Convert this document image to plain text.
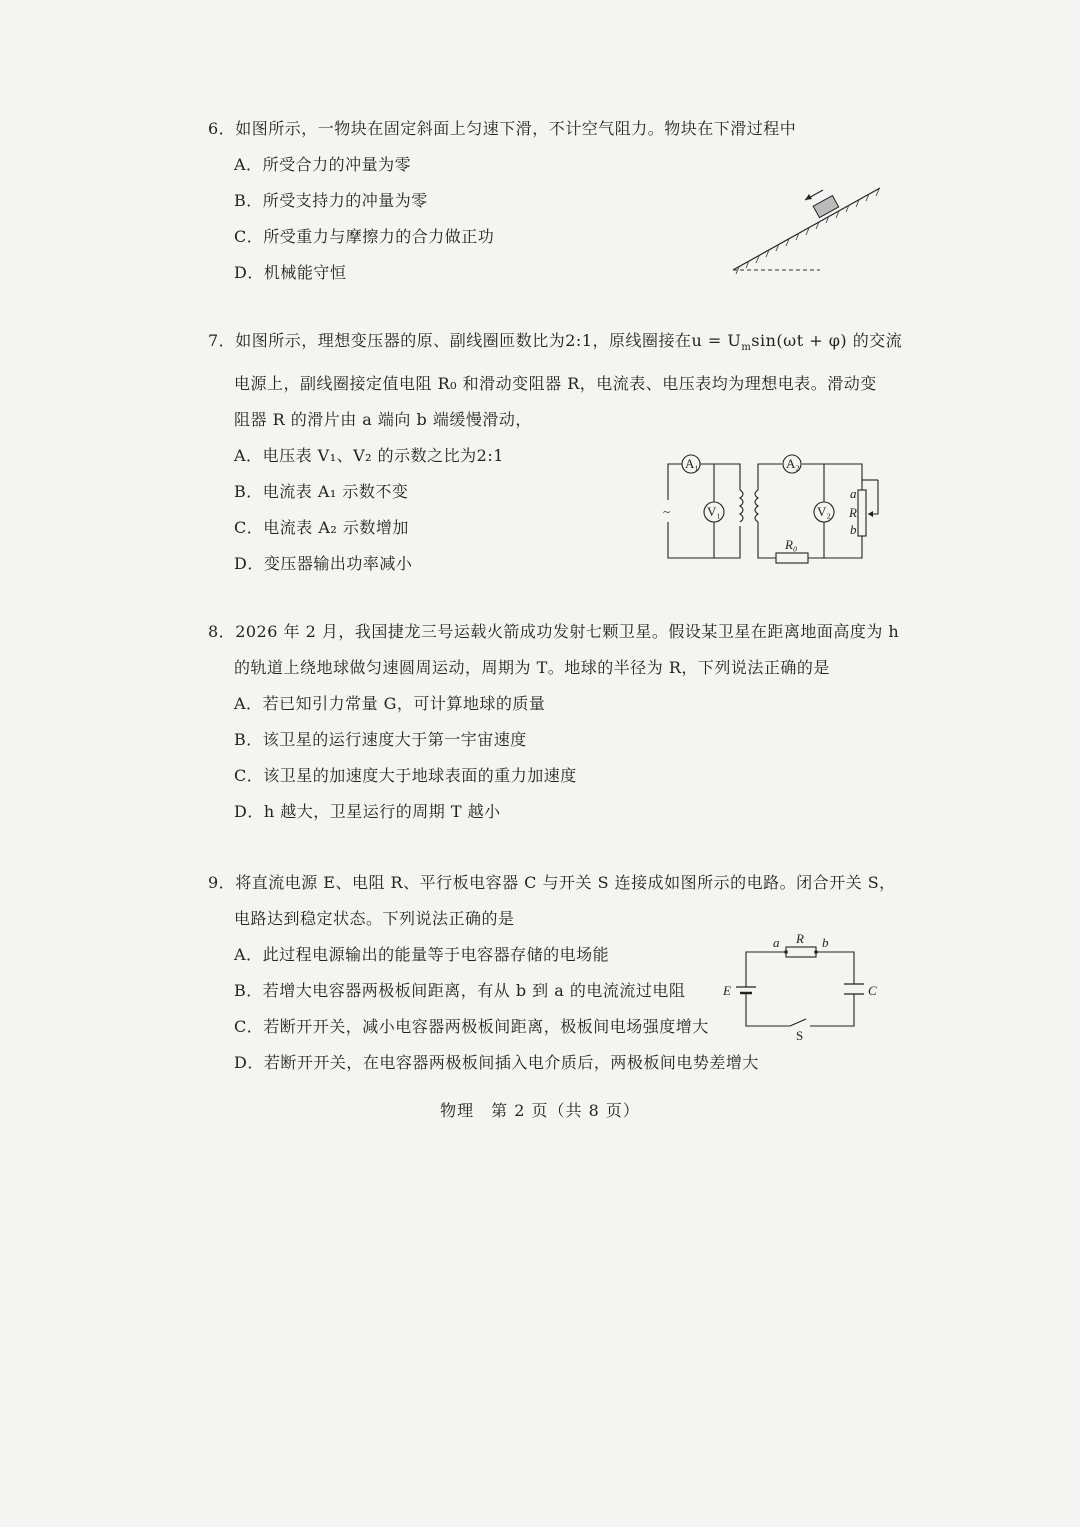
6．如图所示，一物块在固定斜面上匀速下滑，不计空气阻力。物块在下滑过程中
A．所受合力的冲量为零
B．所受支持力的冲量为零
C．所受重力与摩擦力的合力做正功
D．机械能守恒
7．如图所示，理想变压器的原、副线圈匝数比为2:1，原线圈接在$u = U_m\sin(\omega t + \varphi)$ 的交流
电源上，副线圈接定值电阻 R₀ 和滑动变阻器 R，电流表、电压表均为理想电表。滑动变
阻器 R 的滑片由 a 端向 b 端缓慢滑动，
A．电压表 V₁、V₂ 的示数之比为2:1
B．电流表 A₁ 示数不变
C．电流表 A₂ 示数增加
D．变压器输出功率减小
~
A₁	A₂
V₁	V₂
R₀
a
R
b
8．2026 年 2 月，我国捷龙三号运载火箭成功发射七颗卫星。假设某卫星在距离地面高度为 h
的轨道上绕地球做匀速圆周运动，周期为 T。地球的半径为 R，下列说法正确的是
A．若已知引力常量 G，可计算地球的质量
B．该卫星的运行速度大于第一宇宙速度
C．该卫星的加速度大于地球表面的重力加速度
D．h 越大，卫星运行的周期 T 越小
9．将直流电源 E、电阻 R、平行板电容器 C 与开关 S 连接成如图所示的电路。闭合开关 S，
电路达到稳定状态。下列说法正确的是
A．此过程电源输出的能量等于电容器存储的电场能
B．若增大电容器两极板间距离，有从 b 到 a 的电流流过电阻
C．若断开开关，减小电容器两极板间距离，极板间电场强度增大
D．若断开开关，在电容器两极板间插入电介质后，两极板间电势差增大
a R b
E	C
S
物理　第 2 页（共 8 页）
